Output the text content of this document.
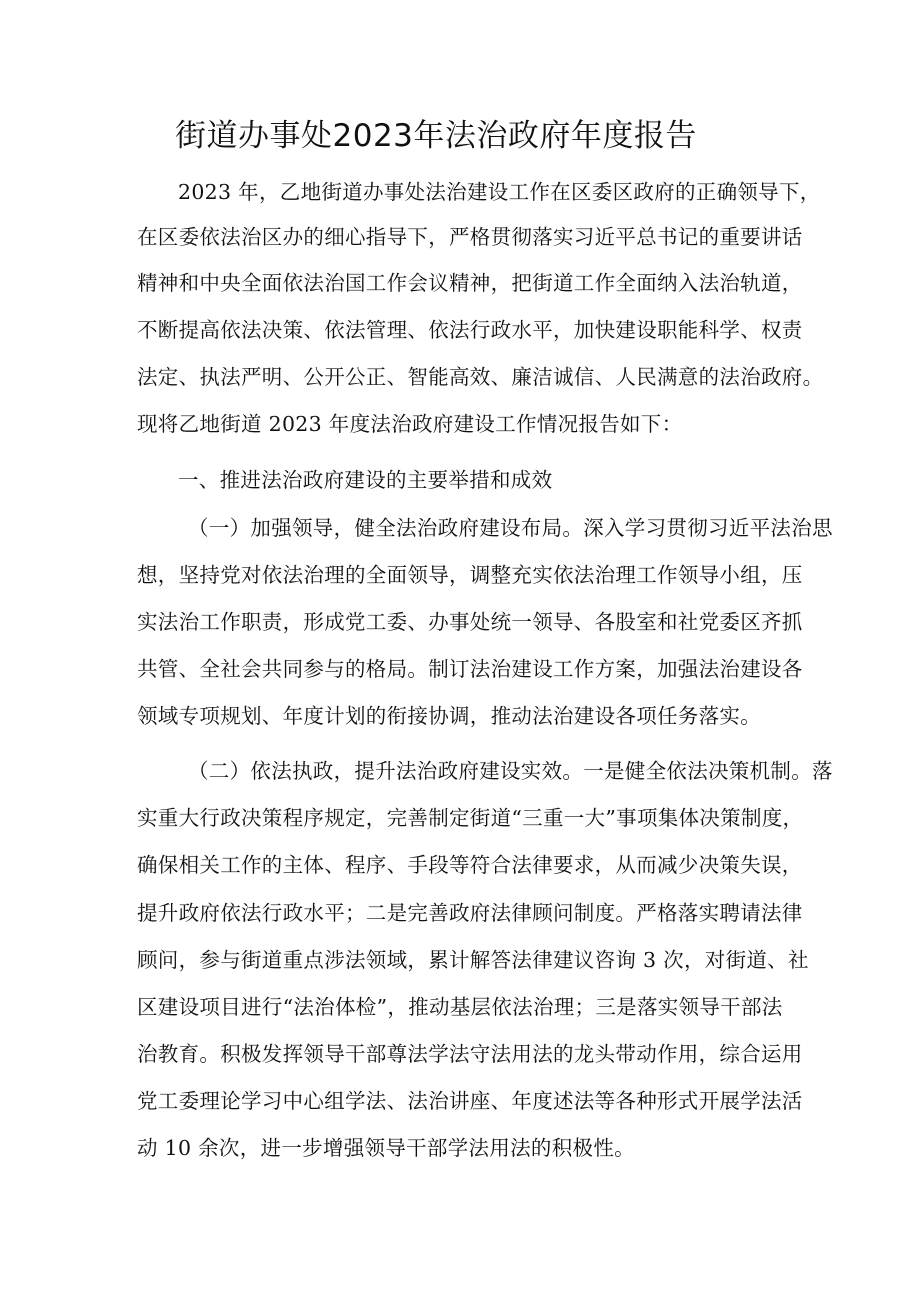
街道办事处2023年法治政府年度报告
2023 年，乙地街道办事处法治建设工作在区委区政府的正确领导下，
在区委依法治区办的细心指导下，严格贯彻落实习近平总书记的重要讲话
精神和中央全面依法治国工作会议精神，把街道工作全面纳入法治轨道，
不断提高依法决策、依法管理、依法行政水平，加快建设职能科学、权责
法定、执法严明、公开公正、智能高效、廉洁诚信、人民满意的法治政府。
现将乙地街道 2023 年度法治政府建设工作情况报告如下：
一、推进法治政府建设的主要举措和成效
（一）加强领导，健全法治政府建设布局。深入学习贯彻习近平法治思
想，坚持党对依法治理的全面领导，调整充实依法治理工作领导小组，压
实法治工作职责，形成党工委、办事处统一领导、各股室和社党委区齐抓
共管、全社会共同参与的格局。制订法治建设工作方案，加强法治建设各
领域专项规划、年度计划的衔接协调，推动法治建设各项任务落实。
（二）依法执政，提升法治政府建设实效。一是健全依法决策机制。落
实重大行政决策程序规定，完善制定街道“三重一大”事项集体决策制度，
确保相关工作的主体、程序、手段等符合法律要求，从而减少决策失误，
提升政府依法行政水平；二是完善政府法律顾问制度。严格落实聘请法律
顾问，参与街道重点涉法领域，累计解答法律建议咨询 3 次，对街道、社
区建设项目进行“法治体检”，推动基层依法治理；三是落实领导干部法
治教育。积极发挥领导干部尊法学法守法用法的龙头带动作用，综合运用
党工委理论学习中心组学法、法治讲座、年度述法等各种形式开展学法活
动 10 余次，进一步增强领导干部学法用法的积极性。
